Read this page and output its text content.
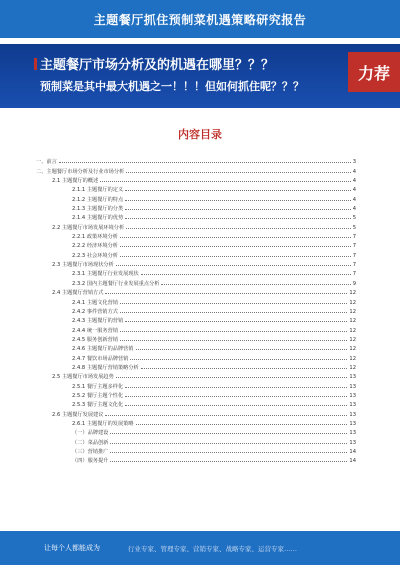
主题餐厅抓住预制菜机遇策略研究报告
主题餐厅市场分析及的机遇在哪里？？？
预制菜是其中最大机遇之一！！！但如何抓住呢？？？
力荐
内容目录
一、前言	3
二、主题餐厅市场分析及行业市场分析	4
2.1 主题餐厅的概述	4
2.1.1 主题餐厅的定义	4
2.1.2 主题餐厅的特点	4
2.1.3 主题餐厅的分类	4
2.1.4 主题餐厅的优势	5
2.2 主题餐厅市场发展环境分析	5
2.2.1 政策环境分析	7
2.2.2 经济环境分析	7
2.2.3 社会环境分析	7
2.3 主题餐厅市场现状分析	7
2.3.1 主题餐厅行业发展现状	7
2.3.2 国内主题餐厅行业发展重点分析	9
2.4 主题餐厅营销方式	12
2.4.1 主题文化营销	12
2.4.2 事件营销方式	12
2.4.3 主题餐厅的营销	12
2.4.4 统一服务营销	12
2.4.5 服务创新营销	12
2.4.6 主题餐厅的品牌营销	12
2.4.7 餐饮市场品牌营销	12
2.4.8 主题餐厅营销策略分析	12
2.5 主题餐厅市场发展趋势	13
2.5.1 餐厅主题多样化	13
2.5.2 餐厅主题个性化	13
2.5.3 餐厅主题文化化	13
2.6 主题餐厅发展建议	13
2.6.1 主题餐厅的发展策略	13
（一）品牌建设	13
（二）菜品创新	13
（三）营销推广	14
（四）服务提升	14
让每个人都能成为	行业专家、管理专家、营销专家、战略专家、运营专家……
